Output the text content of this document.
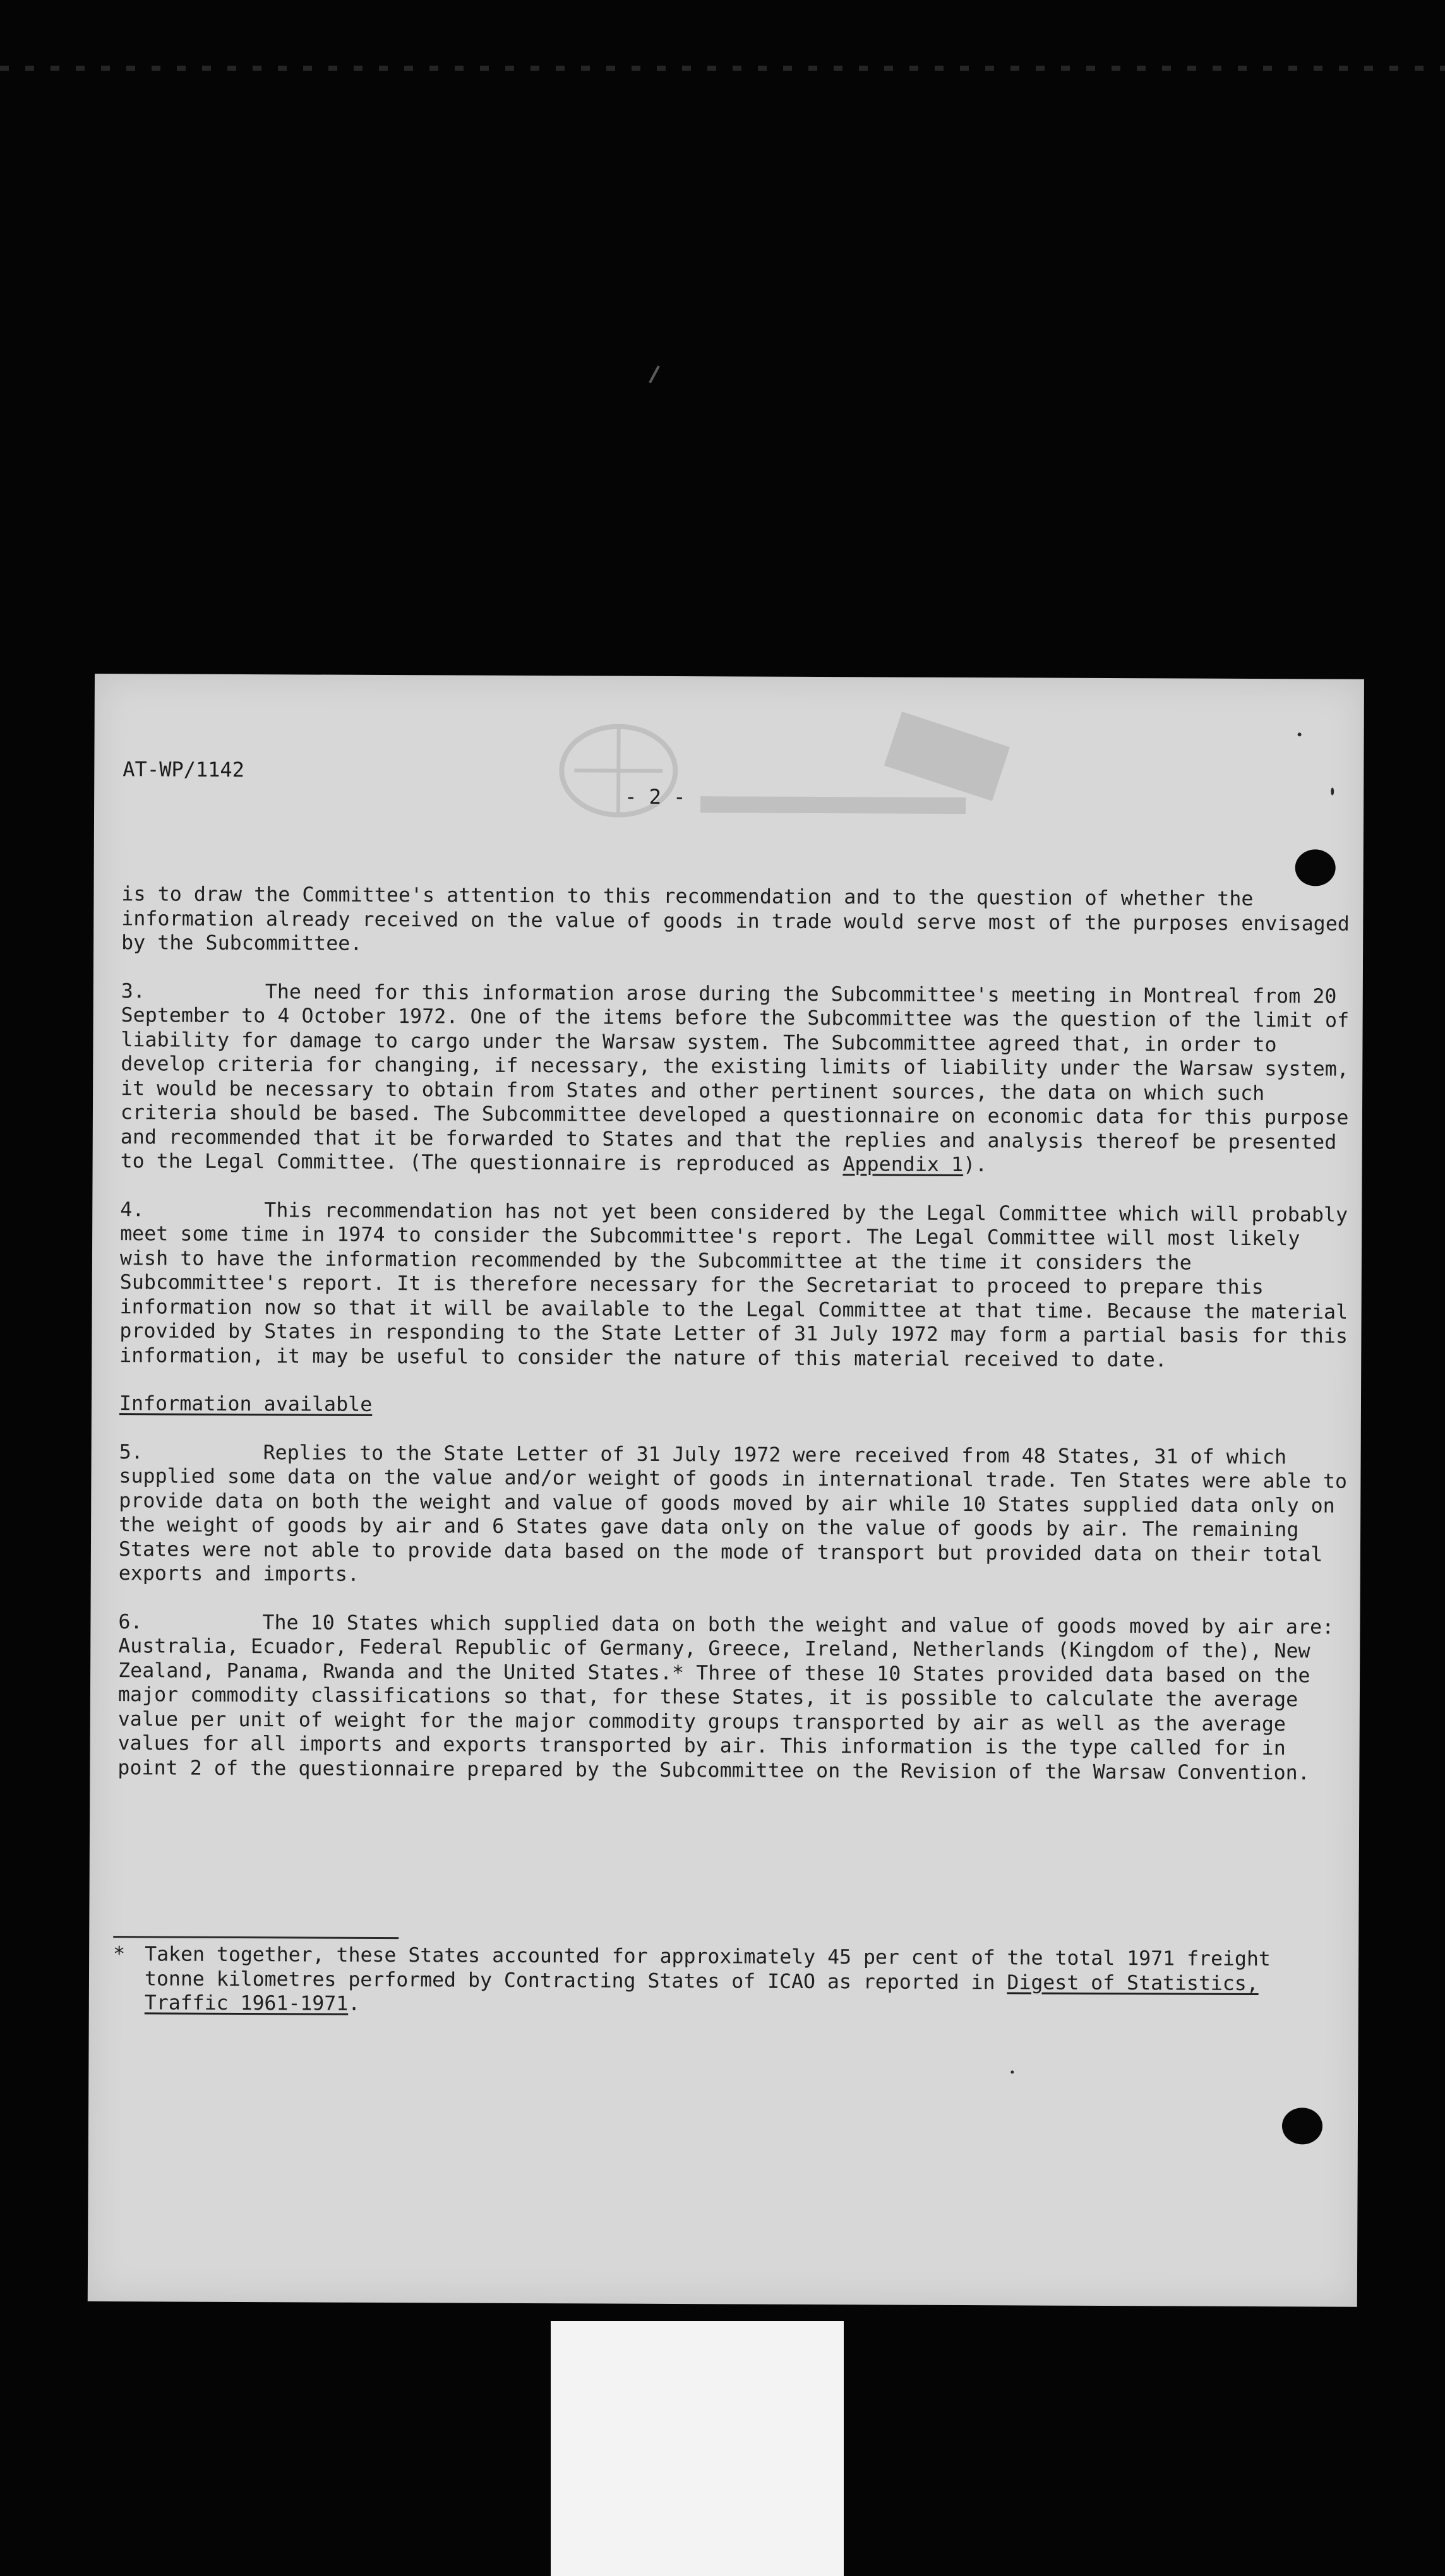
AT-WP/1142
- 2 -

is to draw the Committee's attention to this recommendation and to the question of whether the information already received on the value of goods in trade would serve most of the purposes envisaged by the Subcommittee.

3.	The need for this information arose during the Subcommittee's meeting in Montreal from 20 September to 4 October 1972. One of the items before the Subcommittee was the question of the limit of liability for damage to cargo under the Warsaw system. The Subcommittee agreed that, in order to develop criteria for changing, if necessary, the existing limits of liability under the Warsaw system, it would be necessary to obtain from States and other pertinent sources, the data on which such criteria should be based. The Subcommittee developed a questionnaire on economic data for this purpose and recommended that it be forwarded to States and that the replies and analysis thereof be presented to the Legal Committee. (The questionnaire is reproduced as Appendix 1).

4.	This recommendation has not yet been considered by the Legal Committee which will probably meet some time in 1974 to consider the Subcommittee's report. The Legal Committee will most likely wish to have the information recommended by the Subcommittee at the time it considers the Subcommittee's report. It is therefore necessary for the Secretariat to proceed to prepare this information now so that it will be available to the Legal Committee at that time. Because the material provided by States in responding to the State Letter of 31 July 1972 may form a partial basis for this information, it may be useful to consider the nature of this material received to date.

Information available

5.	Replies to the State Letter of 31 July 1972 were received from 48 States, 31 of which supplied some data on the value and/or weight of goods in international trade. Ten States were able to provide data on both the weight and value of goods moved by air while 10 States supplied data only on the weight of goods by air and 6 States gave data only on the value of goods by air. The remaining States were not able to provide data based on the mode of transport but provided data on their total exports and imports.

6.	The 10 States which supplied data on both the weight and value of goods moved by air are: Australia, Ecuador, Federal Republic of Germany, Greece, Ireland, Netherlands (Kingdom of the), New Zealand, Panama, Rwanda and the United States.* Three of these 10 States provided data based on the major commodity classifications so that, for these States, it is possible to calculate the average value per unit of weight for the major commodity groups transported by air as well as the average values for all imports and exports transported by air. This information is the type called for in point 2 of the questionnaire prepared by the Subcommittee on the Revision of the Warsaw Convention.

* Taken together, these States accounted for approximately 45 per cent of the total 1971 freight tonne kilometres performed by Contracting States of ICAO as reported in Digest of Statistics, Traffic 1961-1971.
